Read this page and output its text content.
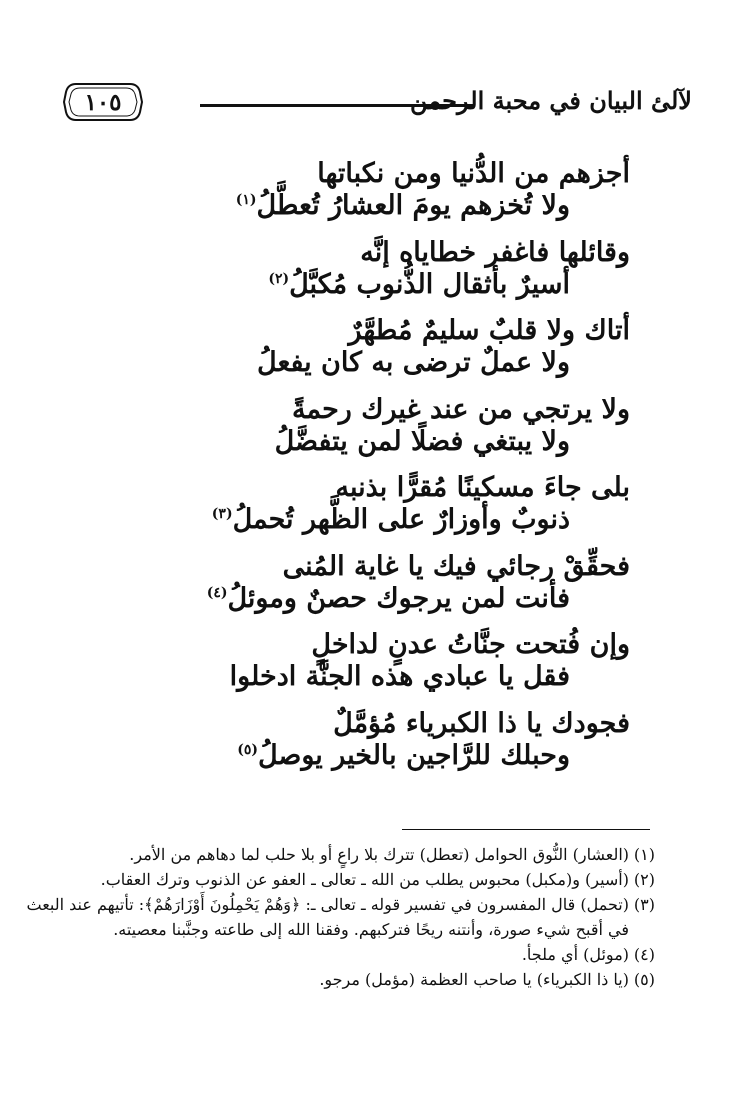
١٠٥	لآلئ البيان في محبة الرحمن
أجزهم من الدُّنيا ومن نكباتها
ولا تُخزهم يومَ العشارُ تُعطَّلُ$^{(١)}$
وقائلها فاغفر خطاياه إنَّه
أسيرٌ بأثقال الذُّنوب مُكبَّلُ$^{(٢)}$
أتاك ولا قلبٌ سليمٌ مُطهَّرٌ
ولا عملٌ ترضى به كان يفعلُ
ولا يرتجي من عند غيرك رحمةً
ولا يبتغي فضلًا لمن يتفضَّلُ
بلى جاءَ مسكينًا مُقرًّا بذنبه
ذنوبٌ وأوزارٌ على الظَّهر تُحملُ$^{(٣)}$
فحقِّقْ رجائي فيك يا غاية المُنى
فأنت لمن يرجوك حصنٌ وموئلُ$^{(٤)}$
وإن فُتحت جنَّاتُ عدنٍ لداخلٍ
فقل يا عبادي هذه الجنَّة ادخلوا
فجودك يا ذا الكبرياء مُؤمَّلٌ
وحبلك للرَّاجين بالخير يوصلُ$^{(٥)}$
(١)(العشار) النُّوق الحوامل (تعطل) تترك بلا راعٍ أو بلا حلب لما دهاهم من الأمر.
(٢)(أسير) و(مكبل) محبوس يطلب من الله ـ تعالى ـ العفو عن الذنوب وترك العقاب.
(٣)(تحمل) قال المفسرون في تفسير قوله ـ تعالى ـ: ﴿وَهُمْ يَحْمِلُونَ أَوْزَارَهُمْ﴾: تأتيهم عند البعث
في أقبح شيء صورة، وأنتنه ريحًا فتركبهم. وفقنا الله إلى طاعته وجنَّبنا معصيته.
(٤)(موئل) أي ملجأ.
(٥)(يا ذا الكبرياء) يا صاحب العظمة (مؤمل) مرجو.
